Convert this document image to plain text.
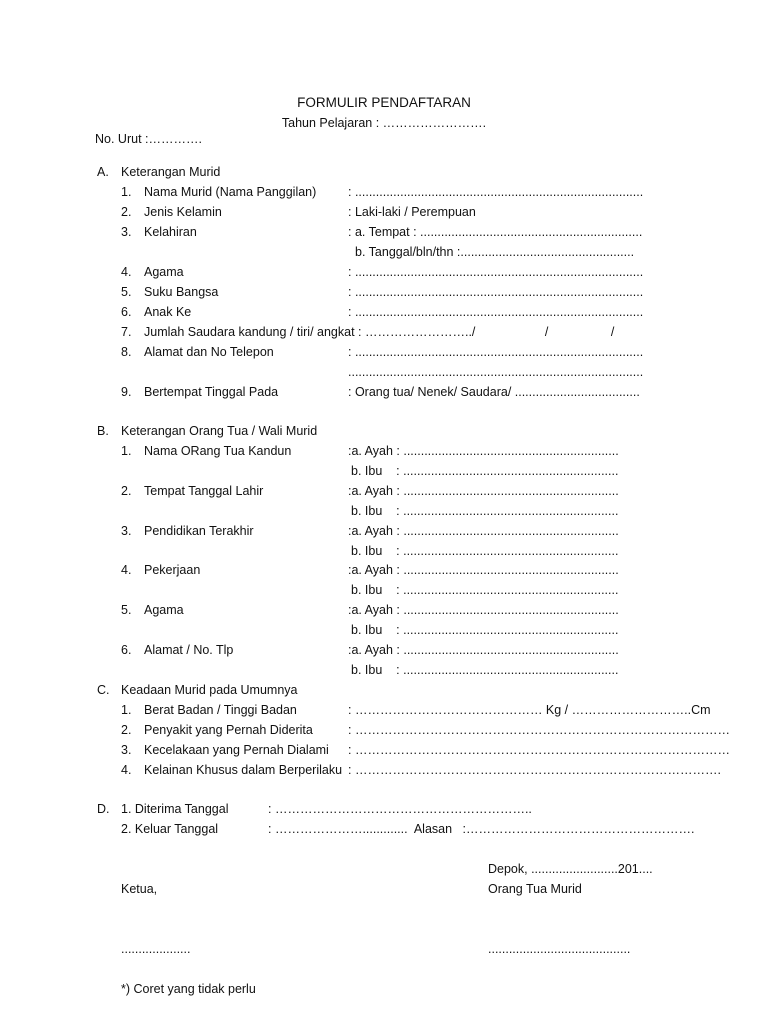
FORMULIR PENDAFTARAN
Tahun Pelajaran : …………………….
No. Urut :………….
A. Keterangan Murid
1. Nama Murid (Nama Panggilan)	: ...................................................................................
2. Jenis Kelamin	: Laki-laki / Perempuan
3. Kelahiran	: a. Tempat : ................................................................
b. Tanggal/bln/thn :..................................................
4. Agama	: ...................................................................................
5. Suku Bangsa	: ...................................................................................
6. Anak Ke	: ...................................................................................
7. Jumlah Saudara kandung / tiri/ angkat : ……………………../                    /                  /
8. Alamat dan No Telepon	: ...................................................................................
.....................................................................................
9. Bertempat Tinggal Pada	: Orang tua/ Nenek/ Saudara/ ....................................
B. Keterangan Orang Tua / Wali Murid
1. Nama ORang Tua Kandun	:a. Ayah : ..............................................................
b. Ibu    : ..............................................................
2. Tempat Tanggal Lahir	:a. Ayah : ..............................................................
b. Ibu    : ..............................................................
3. Pendidikan Terakhir	:a. Ayah : ..............................................................
b. Ibu    : ..............................................................
4. Pekerjaan	:a. Ayah : ..............................................................
b. Ibu    : ..............................................................
5. Agama	:a. Ayah : ..............................................................
b. Ibu    : ..............................................................
6. Alamat / No. Tlp	:a. Ayah : ..............................................................
b. Ibu    : ..............................................................
C. Keadaan Murid pada Umumnya
1. Berat Badan / Tinggi Badan	: ……………………………………… Kg / ………………………..Cm
2. Penyakit yang Pernah Diderita	: ………………………………………………………………………………
3. Kecelakaan yang Pernah Dialami : ………………………………………………………………………………
4. Kelainan Khusus dalam Berperilaku : …………………………………………………………………………….
D. 1. Diterima Tanggal	: ……………………………………………………..
2. Keluar Tanggal	: ………………….............  Alasan   :……………………………………………….
Depok, .........................201....
Ketua,	Orang Tua Murid
....................	.........................................
*) Coret yang tidak perlu
